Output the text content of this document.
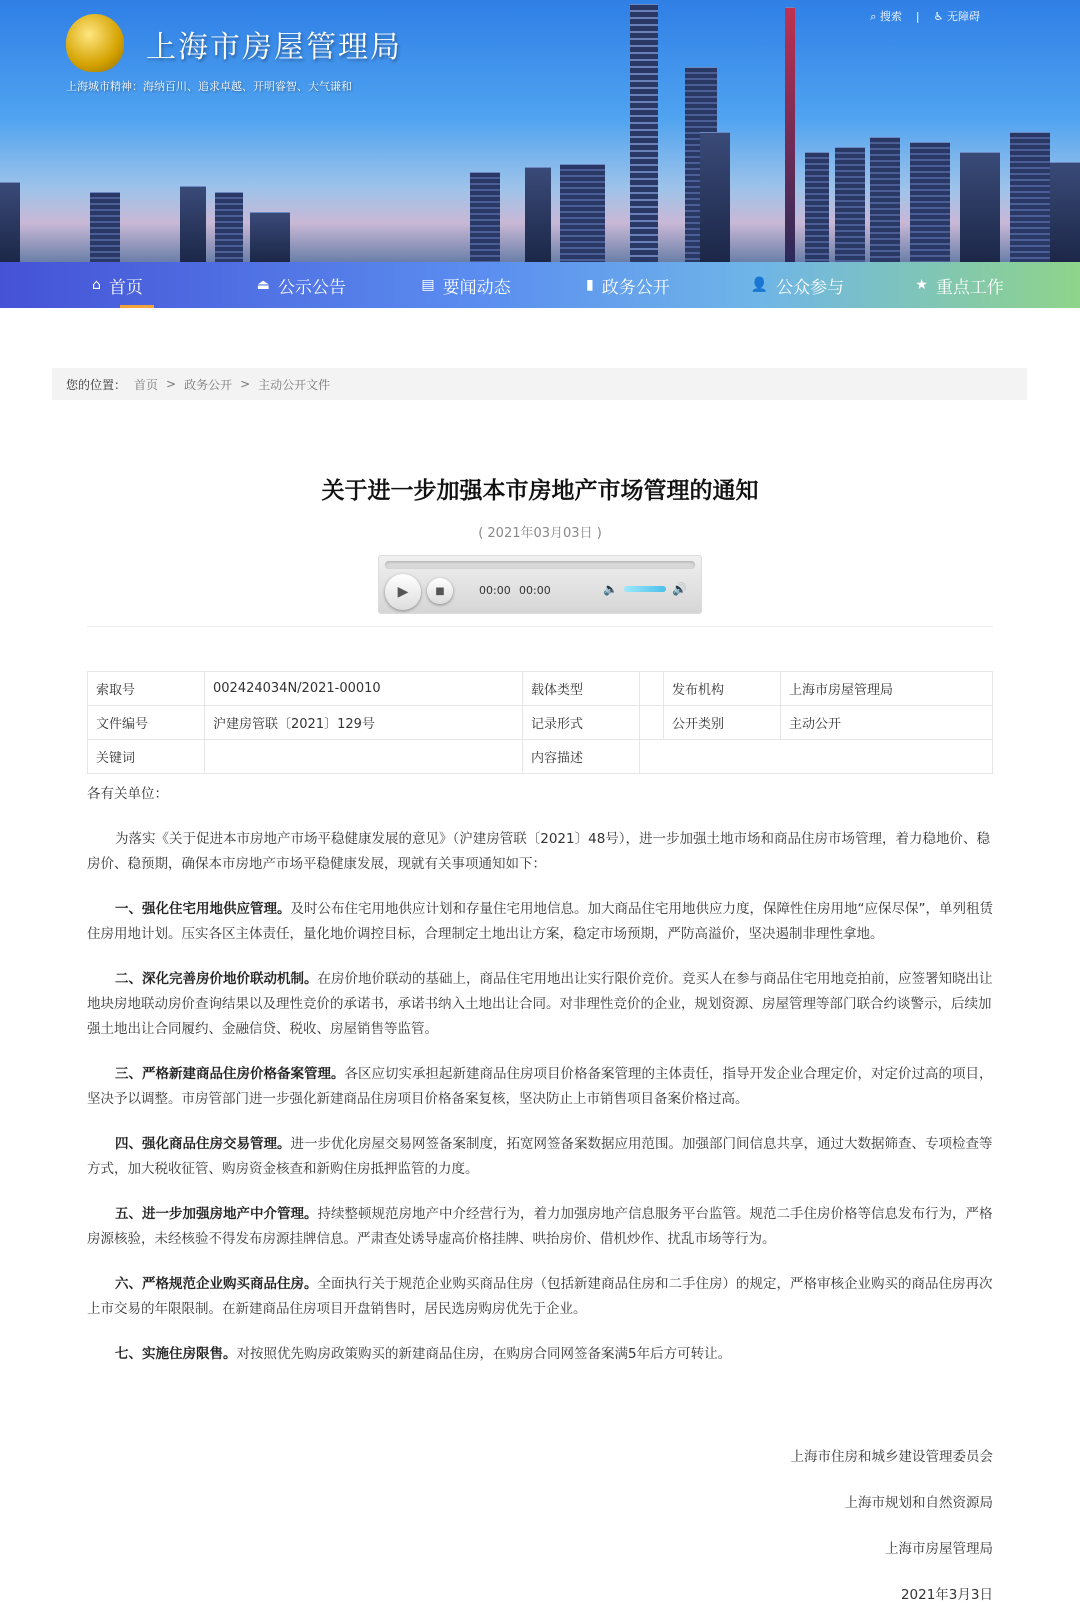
上海市房屋管理局
上海城市精神：海纳百川、追求卓越、开明睿智、大气谦和
⌕ 搜索 | ♿ 无障碍
⌂ 首页	⏏ 公示公告	▤ 要闻动态	▮ 政务公开	👤 公众参与	★ 重点工作
您的位置： 首页 > 政务公开 > 主动公开文件
关于进一步加强本市房地产市场管理的通知
( 2021年03月03日 )
▶	■	00:00 00:00	🔈	🔊
索取号	002424034N/2021-00010	载体类型		发布机构	上海市房屋管理局
文件编号	沪建房管联〔2021〕129号	记录形式		公开类别	主动公开
关键词		内容描述			

各有关单位：

为落实《关于促进本市房地产市场平稳健康发展的意见》（沪建房管联〔2021〕48号），进一步加强土地市场和商品住房市场管理，着力稳地价、稳房价、稳预期，确保本市房地产市场平稳健康发展，现就有关事项通知如下：

一、强化住宅用地供应管理。及时公布住宅用地供应计划和存量住宅用地信息。加大商品住宅用地供应力度，保障性住房用地“应保尽保”，单列租赁住房用地计划。压实各区主体责任，量化地价调控目标，合理制定土地出让方案，稳定市场预期，严防高溢价，坚决遏制非理性拿地。

二、深化完善房价地价联动机制。在房价地价联动的基础上，商品住宅用地出让实行限价竞价。竞买人在参与商品住宅用地竞拍前，应签署知晓出让地块房地联动房价查询结果以及理性竞价的承诺书，承诺书纳入土地出让合同。对非理性竞价的企业，规划资源、房屋管理等部门联合约谈警示，后续加强土地出让合同履约、金融信贷、税收、房屋销售等监管。

三、严格新建商品住房价格备案管理。各区应切实承担起新建商品住房项目价格备案管理的主体责任，指导开发企业合理定价，对定价过高的项目，坚决予以调整。市房管部门进一步强化新建商品住房项目价格备案复核，坚决防止上市销售项目备案价格过高。

四、强化商品住房交易管理。进一步优化房屋交易网签备案制度，拓宽网签备案数据应用范围。加强部门间信息共享，通过大数据筛查、专项检查等方式，加大税收征管、购房资金核查和新购住房抵押监管的力度。

五、进一步加强房地产中介管理。持续整顿规范房地产中介经营行为，着力加强房地产信息服务平台监管。规范二手住房价格等信息发布行为，严格房源核验，未经核验不得发布房源挂牌信息。严肃查处诱导虚高价格挂牌、哄抬房价、借机炒作、扰乱市场等行为。

六、严格规范企业购买商品住房。全面执行关于规范企业购买商品住房（包括新建商品住房和二手住房）的规定，严格审核企业购买的商品住房再次上市交易的年限限制。在新建商品住房项目开盘销售时，居民选房购房优先于企业。

七、实施住房限售。对按照优先购房政策购买的新建商品住房，在购房合同网签备案满5年后方可转让。

上海市住房和城乡建设管理委员会
上海市规划和自然资源局
上海市房屋管理局
2021年3月3日
